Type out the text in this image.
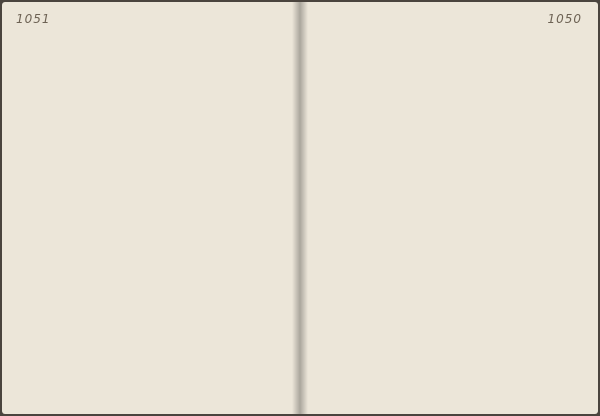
1051	1050
